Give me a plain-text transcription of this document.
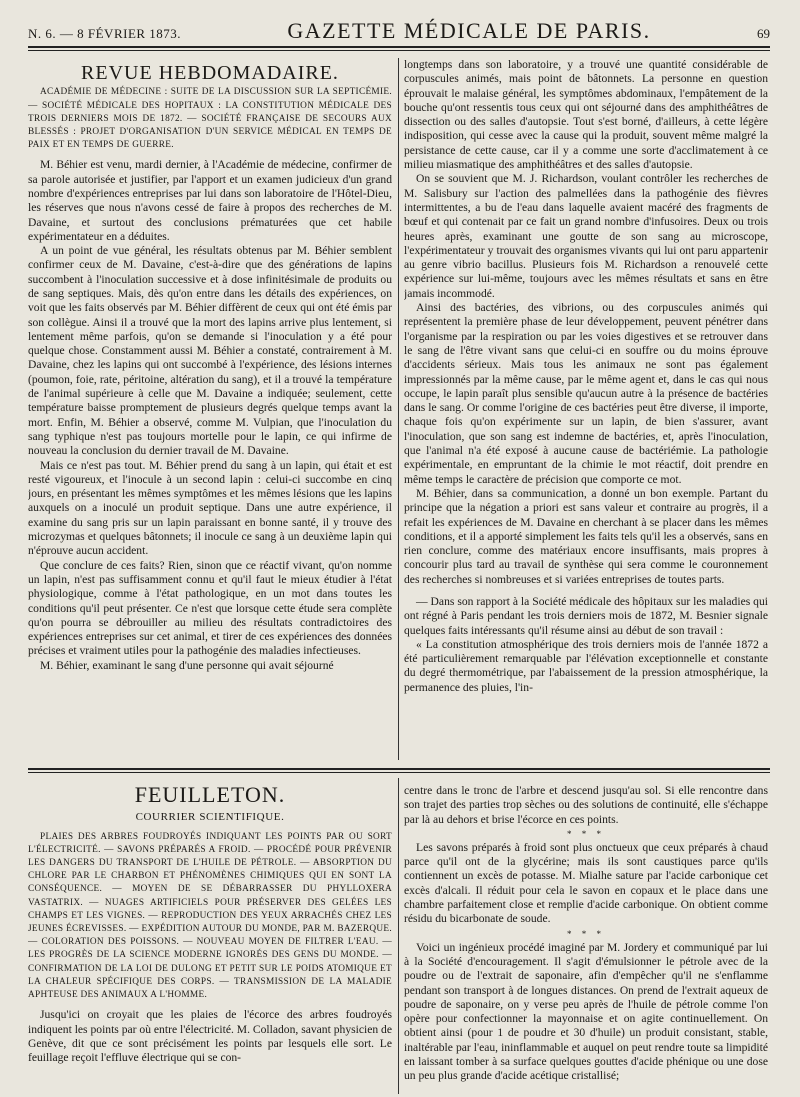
N. 6. — 8 FÉVRIER 1873.	GAZETTE MÉDICALE DE PARIS.	69
REVUE HEBDOMADAIRE.

ACADÉMIE DE MÉDECINE : SUITE DE LA DISCUSSION SUR LA SEPTICÉMIE. — SOCIÉTÉ MÉDICALE DES HOPITAUX : LA CONSTITUTION MÉDICALE DES TROIS DERNIERS MOIS DE 1872. — SOCIÉTÉ FRANÇAISE DE SECOURS AUX BLESSÉS : PROJET D'ORGANISATION D'UN SERVICE MÉDICAL EN TEMPS DE PAIX ET EN TEMPS DE GUERRE.

M. Béhier est venu, mardi dernier, à l'Académie de médecine, confirmer de sa parole autorisée et justifier, par l'apport et un examen judicieux d'un grand nombre d'expériences entreprises par lui dans son laboratoire de l'Hôtel-Dieu, les réserves que nous n'avons cessé de faire à propos des recherches de M. Davaine, et surtout des conclusions prématurées que cet habile expérimentateur en a déduites.

A un point de vue général, les résultats obtenus par M. Béhier semblent confirmer ceux de M. Davaine, c'est-à-dire que des générations de lapins succombent à l'inoculation successive et à dose infinitésimale de produits ou de sang septiques. Mais, dès qu'on entre dans les détails des expériences, on voit que les faits observés par M. Béhier diffèrent de ceux qui ont été émis par son collègue. Ainsi il a trouvé que la mort des lapins arrive plus lentement, si lentement même parfois, qu'on se demande si l'inoculation y a été pour quelque chose. Constamment aussi M. Béhier a constaté, contrairement à M. Davaine, chez les lapins qui ont succombé à l'expérience, des lésions internes (poumon, foie, rate, péritoine, altération du sang), et il a trouvé la température de l'animal supérieure à celle que M. Davaine a indiquée; seulement, cette température baisse promptement de plusieurs degrés quelque temps avant la mort. Enfin, M. Béhier a observé, comme M. Vulpian, que l'inoculation du sang typhique n'est pas toujours mortelle pour le lapin, ce qui infirme de nouveau la conclusion du dernier travail de M. Davaine.

Mais ce n'est pas tout. M. Béhier prend du sang à un lapin, qui était et est resté vigoureux, et l'inocule à un second lapin : celui-ci succombe en cinq jours, en présentant les mêmes symptômes et les mêmes lésions que les lapins auxquels on a inoculé un produit septique. Dans une autre expérience, il examine du sang pris sur un lapin paraissant en bonne santé, il y trouve des microzymas et quelques bâtonnets; il inocule ce sang à un deuxième lapin qui n'éprouve aucun accident.

Que conclure de ces faits? Rien, sinon que ce réactif vivant, qu'on nomme un lapin, n'est pas suffisamment connu et qu'il faut le mieux étudier à l'état physiologique, comme à l'état pathologique, en un mot dans toutes les conditions qu'il peut présenter. Ce n'est que lorsque cette étude sera complète qu'on pourra se débrouiller au milieu des résultats contradictoires des expériences entreprises sur cet animal, et tirer de ces expériences des données précises et vraiment utiles pour la pathogénie des maladies infectieuses.

M. Béhier, examinant le sang d'une personne qui avait séjourné

longtemps dans son laboratoire, y a trouvé une quantité considérable de corpuscules animés, mais point de bâtonnets. La personne en question éprouvait le malaise général, les symptômes abdominaux, l'empâtement de la bouche qu'ont ressentis tous ceux qui ont séjourné dans des amphithéâtres de dissection ou des salles d'autopsie. Tout s'est borné, d'ailleurs, à cette légère indisposition, qui cesse avec la cause qui la produit, souvent même malgré la persistance de cette cause, car il y a comme une sorte d'acclimatement à ce milieu miasmatique des amphithéâtres et des salles d'autopsie.

On se souvient que M. J. Richardson, voulant contrôler les recherches de M. Salisbury sur l'action des palmellées dans la pathogénie des fièvres intermittentes, a bu de l'eau dans laquelle avaient macéré des fragments de bœuf et qui contenait par ce fait un grand nombre d'infusoires. Deux ou trois heures après, examinant une goutte de son sang au microscope, l'expérimentateur y trouvait des organismes vivants qui lui ont paru appartenir au genre vibrio bacillus. Plusieurs fois M. Richardson a renouvelé cette expérience sur lui-même, toujours avec les mêmes résultats et sans en être jamais incommodé.

Ainsi des bactéries, des vibrions, ou des corpuscules animés qui représentent la première phase de leur développement, peuvent pénétrer dans l'organisme par la respiration ou par les voies digestives et se retrouver dans le sang de l'être vivant sans que celui-ci en souffre ou du moins éprouve d'accidents sérieux. Mais tous les animaux ne sont pas également impressionnés par la même cause, par le même agent et, dans le cas qui nous occupe, le lapin paraît plus sensible qu'aucun autre à la présence de bactéries dans le sang. Or comme l'origine de ces bactéries peut être diverse, il importe, chaque fois qu'on expérimente sur un lapin, de bien s'assurer, avant l'inoculation, que son sang est indemne de bactéries, et, après l'inoculation, que l'animal n'a été exposé à aucune cause de bactériémie. La pathologie expérimentale, en empruntant de la chimie le mot réactif, doit prendre en même temps le caractère de précision que comporte ce mot.

M. Béhier, dans sa communication, a donné un bon exemple. Partant du principe que la négation a priori est sans valeur et contraire au progrès, il a refait les expériences de M. Davaine en cherchant à se placer dans les mêmes conditions, et il a apporté simplement les faits tels qu'il les a observés, sans en rien conclure, comme des matériaux encore insuffisants, mais propres à concourir plus tard au travail de synthèse qui sera comme le couronnement des recherches si nombreuses et si variées entreprises de toutes parts.

— Dans son rapport à la Société médicale des hôpitaux sur les maladies qui ont régné à Paris pendant les trois derniers mois de 1872, M. Besnier signale quelques faits intéressants qu'il résume ainsi au début de son travail :

« La constitution atmosphérique des trois derniers mois de l'année 1872 a été particulièrement remarquable par l'élévation exceptionnelle et constante du degré thermométrique, par l'abaissement de la pression atmosphérique, la permanence des pluies, l'in-

FEUILLETON.
COURRIER SCIENTIFIQUE.

PLAIES DES ARBRES FOUDROYÉS INDIQUANT LES POINTS PAR OU SORT L'ÉLECTRICITÉ. — SAVONS PRÉPARÉS A FROID. — PROCÉDÉ POUR PRÉVENIR LES DANGERS DU TRANSPORT DE L'HUILE DE PÉTROLE. — ABSORPTION DU CHLORE PAR LE CHARBON ET PHÉNOMÈNES CHIMIQUES QUI EN SONT LA CONSÉQUENCE. — MOYEN DE SE DÉBARRASSER DU PHYLLOXERA VASTATRIX. — NUAGES ARTIFICIELS POUR PRÉSERVER DES GELÉES LES CHAMPS ET LES VIGNES. — REPRODUCTION DES YEUX ARRACHÉS CHEZ LES JEUNES ÉCREVISSES. — EXPÉDITION AUTOUR DU MONDE, PAR M. BAZERQUE. — COLORATION DES POISSONS. — NOUVEAU MOYEN DE FILTRER L'EAU. — LES PROGRÈS DE LA SCIENCE MODERNE IGNORÉS DES GENS DU MONDE. — CONFIRMATION DE LA LOI DE DULONG ET PETIT SUR LE POIDS ATOMIQUE ET LA CHALEUR SPÉCIFIQUE DES CORPS. — TRANSMISSION DE LA MALADIE APHTEUSE DES ANIMAUX A L'HOMME.

Jusqu'ici on croyait que les plaies de l'écorce des arbres foudroyés indiquent les points par où entre l'électricité. M. Colladon, savant physicien de Genève, dit que ce sont précisément les points par lesquels elle sort. Le feuillage reçoit l'effluve électrique qui se con-

centre dans le tronc de l'arbre et descend jusqu'au sol. Si elle rencontre dans son trajet des parties trop sèches ou des solutions de continuité, elle s'échappe par là au dehors et brise l'écorce en ces points.

* * *

Les savons préparés à froid sont plus onctueux que ceux préparés à chaud parce qu'il ont de la glycérine; mais ils sont caustiques parce qu'ils contiennent un excès de potasse. M. Mialhe sature par l'acide carbonique cet excès d'alcali. Il réduit pour cela le savon en copaux et le place dans une chambre parfaitement close et remplie d'acide carbonique. On obtient comme résidu du bicarbonate de soude.

* * *

Voici un ingénieux procédé imaginé par M. Jordery et communiqué par lui à la Société d'encouragement. Il s'agit d'émulsionner le pétrole avec de la poudre ou de l'extrait de saponaire, afin d'empêcher qu'il ne s'enflamme pendant son transport à de longues distances. On prend de l'extrait aqueux de poudre de saponaire, on y verse peu après de l'huile de pétrole comme l'on opère pour confectionner la mayonnaise et on agite continuellement. On obtient ainsi (pour 1 de poudre et 30 d'huile) un produit consistant, stable, inaltérable par l'eau, ininflammable et auquel on peut rendre toute sa limpidité en laissant tomber à sa surface quelques gouttes d'acide phénique ou une dose un peu plus grande d'acide acétique cristallisé;
